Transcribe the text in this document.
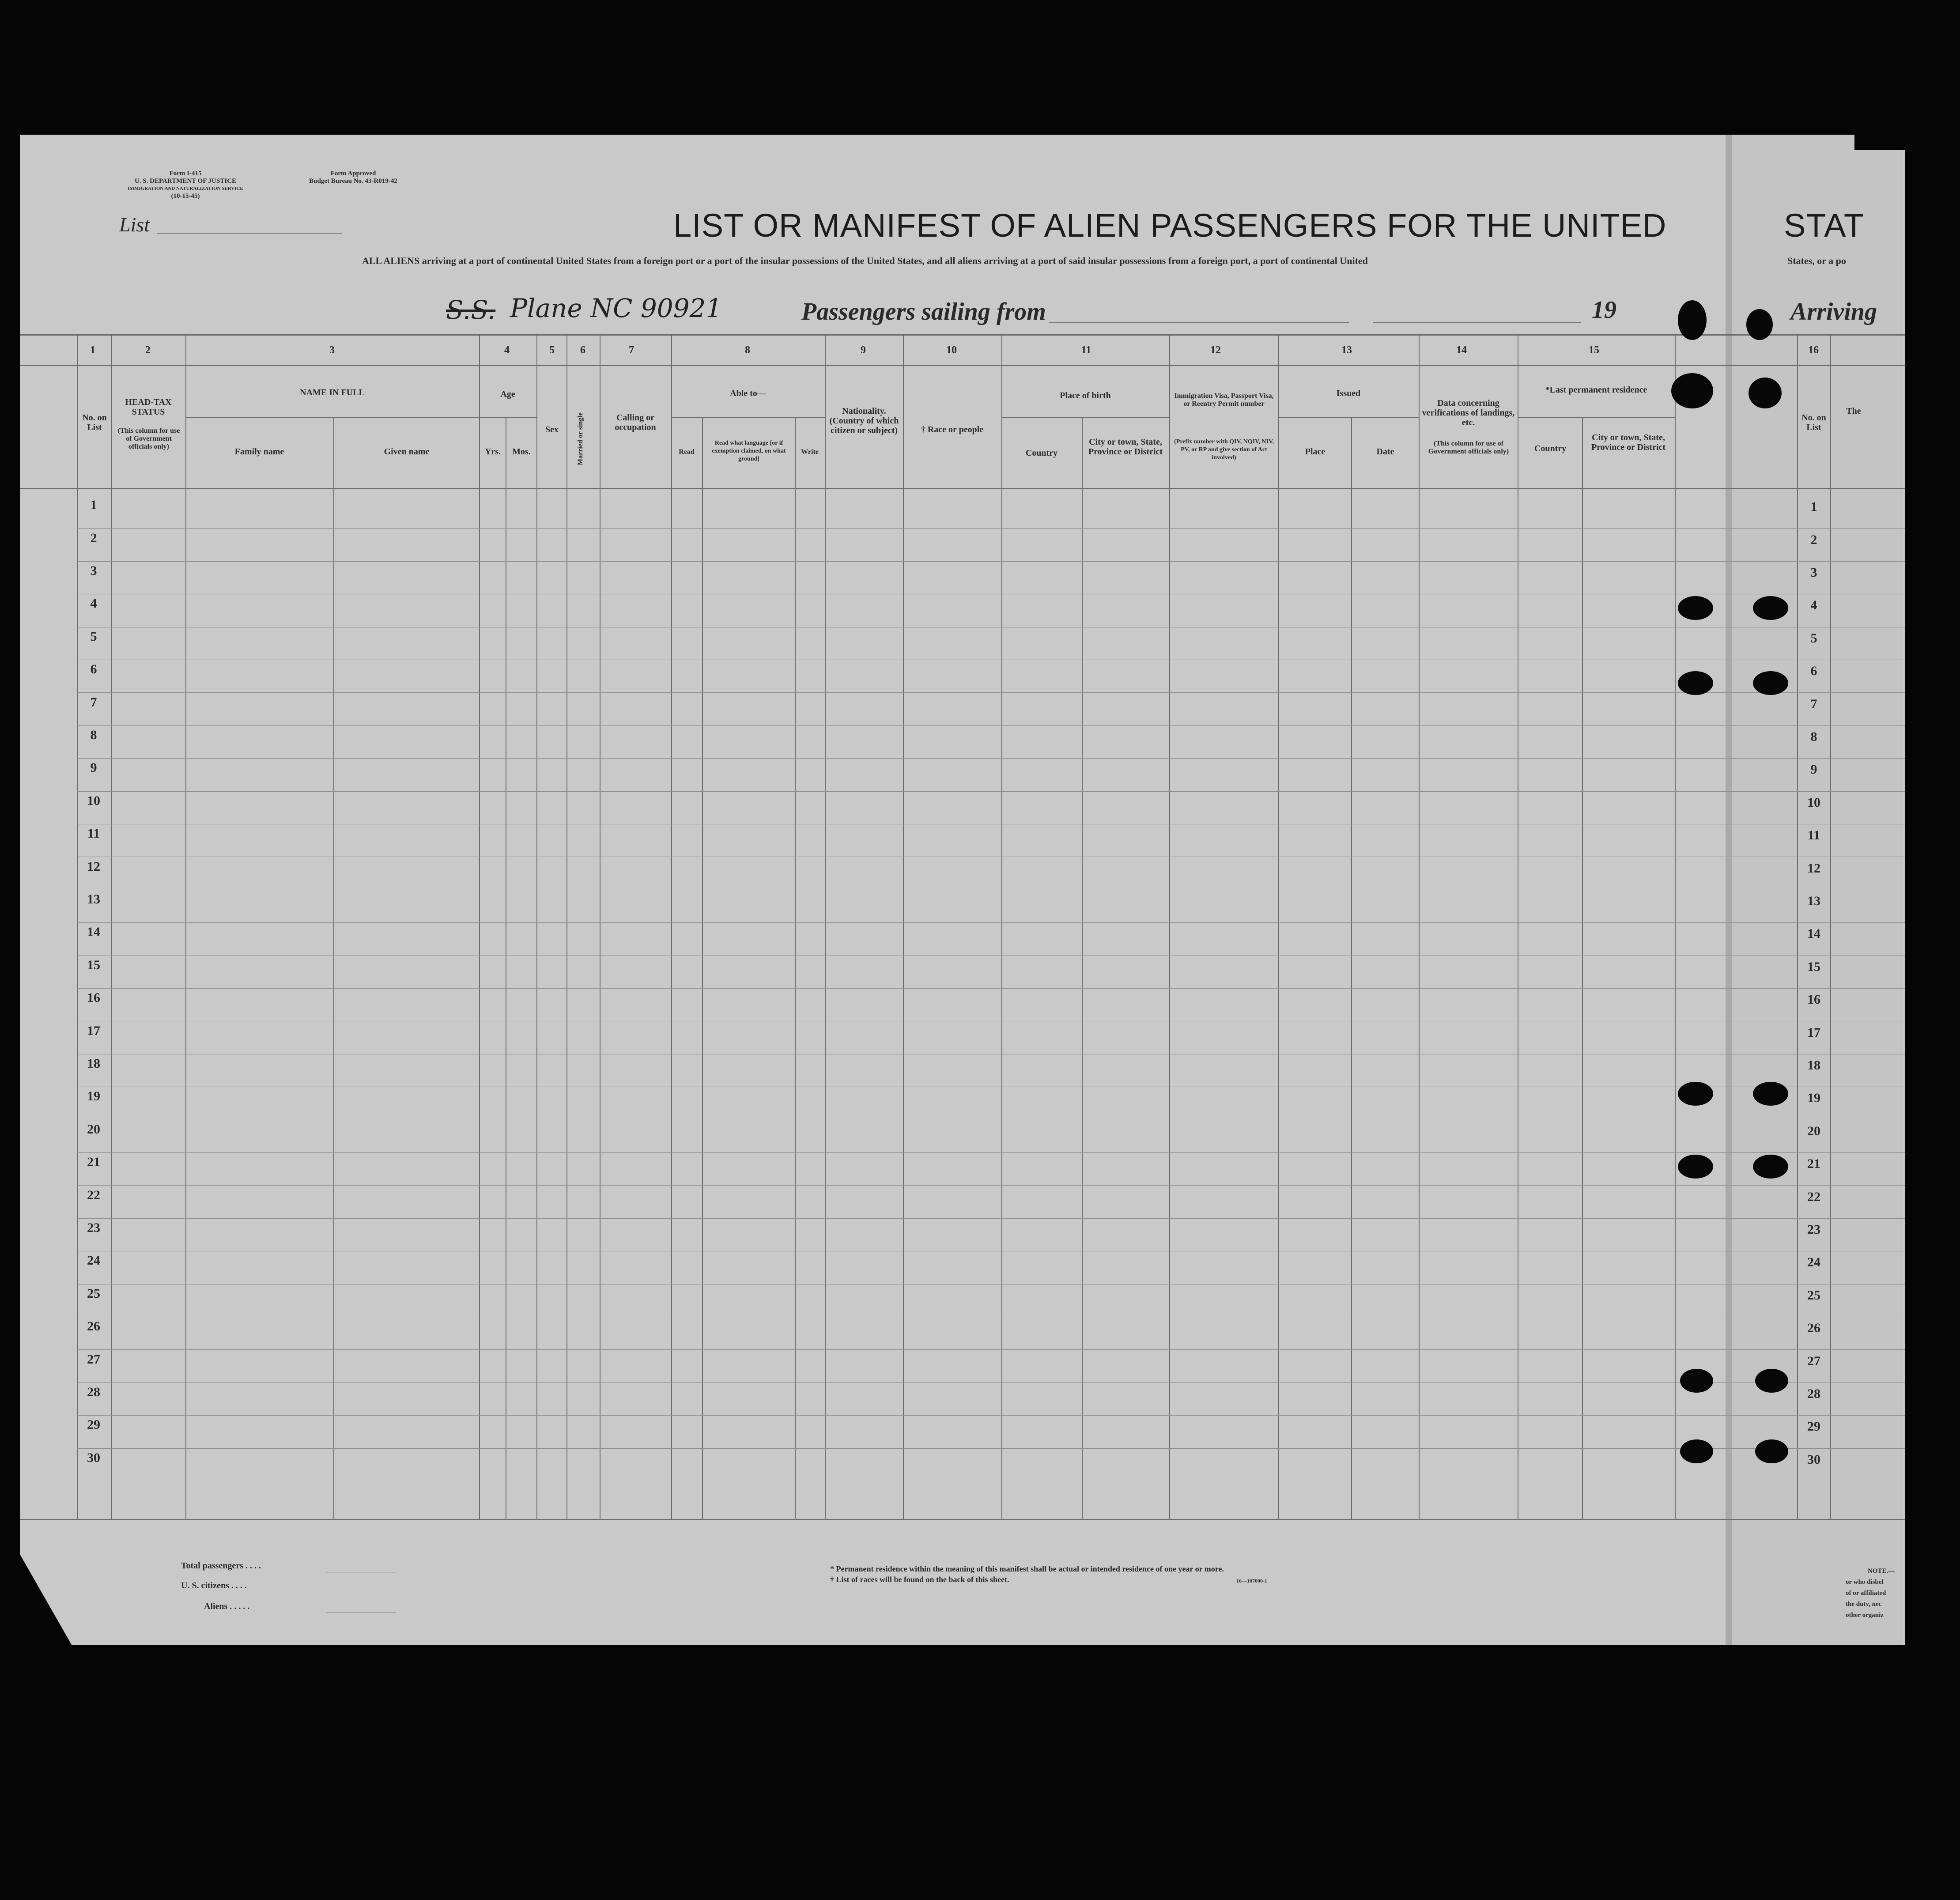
Form I-415
U. S. DEPARTMENT OF JUSTICE
IMMIGRATION AND NATURALIZATION SERVICE
(10-15-45)
Form Approved
Budget Bureau No. 43-R019-42
List	LIST OR MANIFEST OF ALIEN PASSENGERS FOR THE UNITED	STAT
ALL ALIENS arriving at a port of continental United States from a foreign port or a port of the insular possessions of the United States, and all aliens arriving at a port of said insular possessions from a foreign port, a port of continental United	States, or a po
S.S. Plane NC 90921	Passengers sailing from	19	Arriving
1	2	3	4	5	6	7	8	9	10	11	12	13	14	15	16
No. on List
HEAD-TAX STATUS
(This column for use of Government officials only)
NAME IN FULL
Family name	Given name
Age
Yrs.	Mos.
Sex	Married or single	Calling or occupation
Able to—
Read
Read what language [or if exemption claimed, on what ground]
Write
Nationality. (Country of which citizen or subject)	† Race or people
Place of birth
Country
City or town, State, Province or District
Immigration Visa, Passport Visa, or Reentry Permit number
(Prefix number with QIV, NQIV, NIV, PV, or RP and give section of Act involved)
Issued
Place	Date
Data concerning verifications of landings, etc.
(This column for use of Government officials only)
*Last permanent residence
Country
City or town, State, Province or District
No. on List
The
1	1
2	2
3	3
4	4
5	5
6	6
7	7
8	8
9	9
10	10
11	11
12	12
13	13
14	14
15	15
16	16
17	17
18	18
19	19
20	20
21	21
22	22
23	23
24	24
25	25
26	26
27	27
28	28
29	29
30	30
Total passengers . . . .
U. S. citizens . . . .
Aliens . . . . .
* Permanent residence within the meaning of this manifest shall be actual or intended residence of one year or more.
† List of races will be found on the back of this sheet.	16—107000-1
NOTE.—
or who disbel
of or affiliated
the duty, nec
other organiz
